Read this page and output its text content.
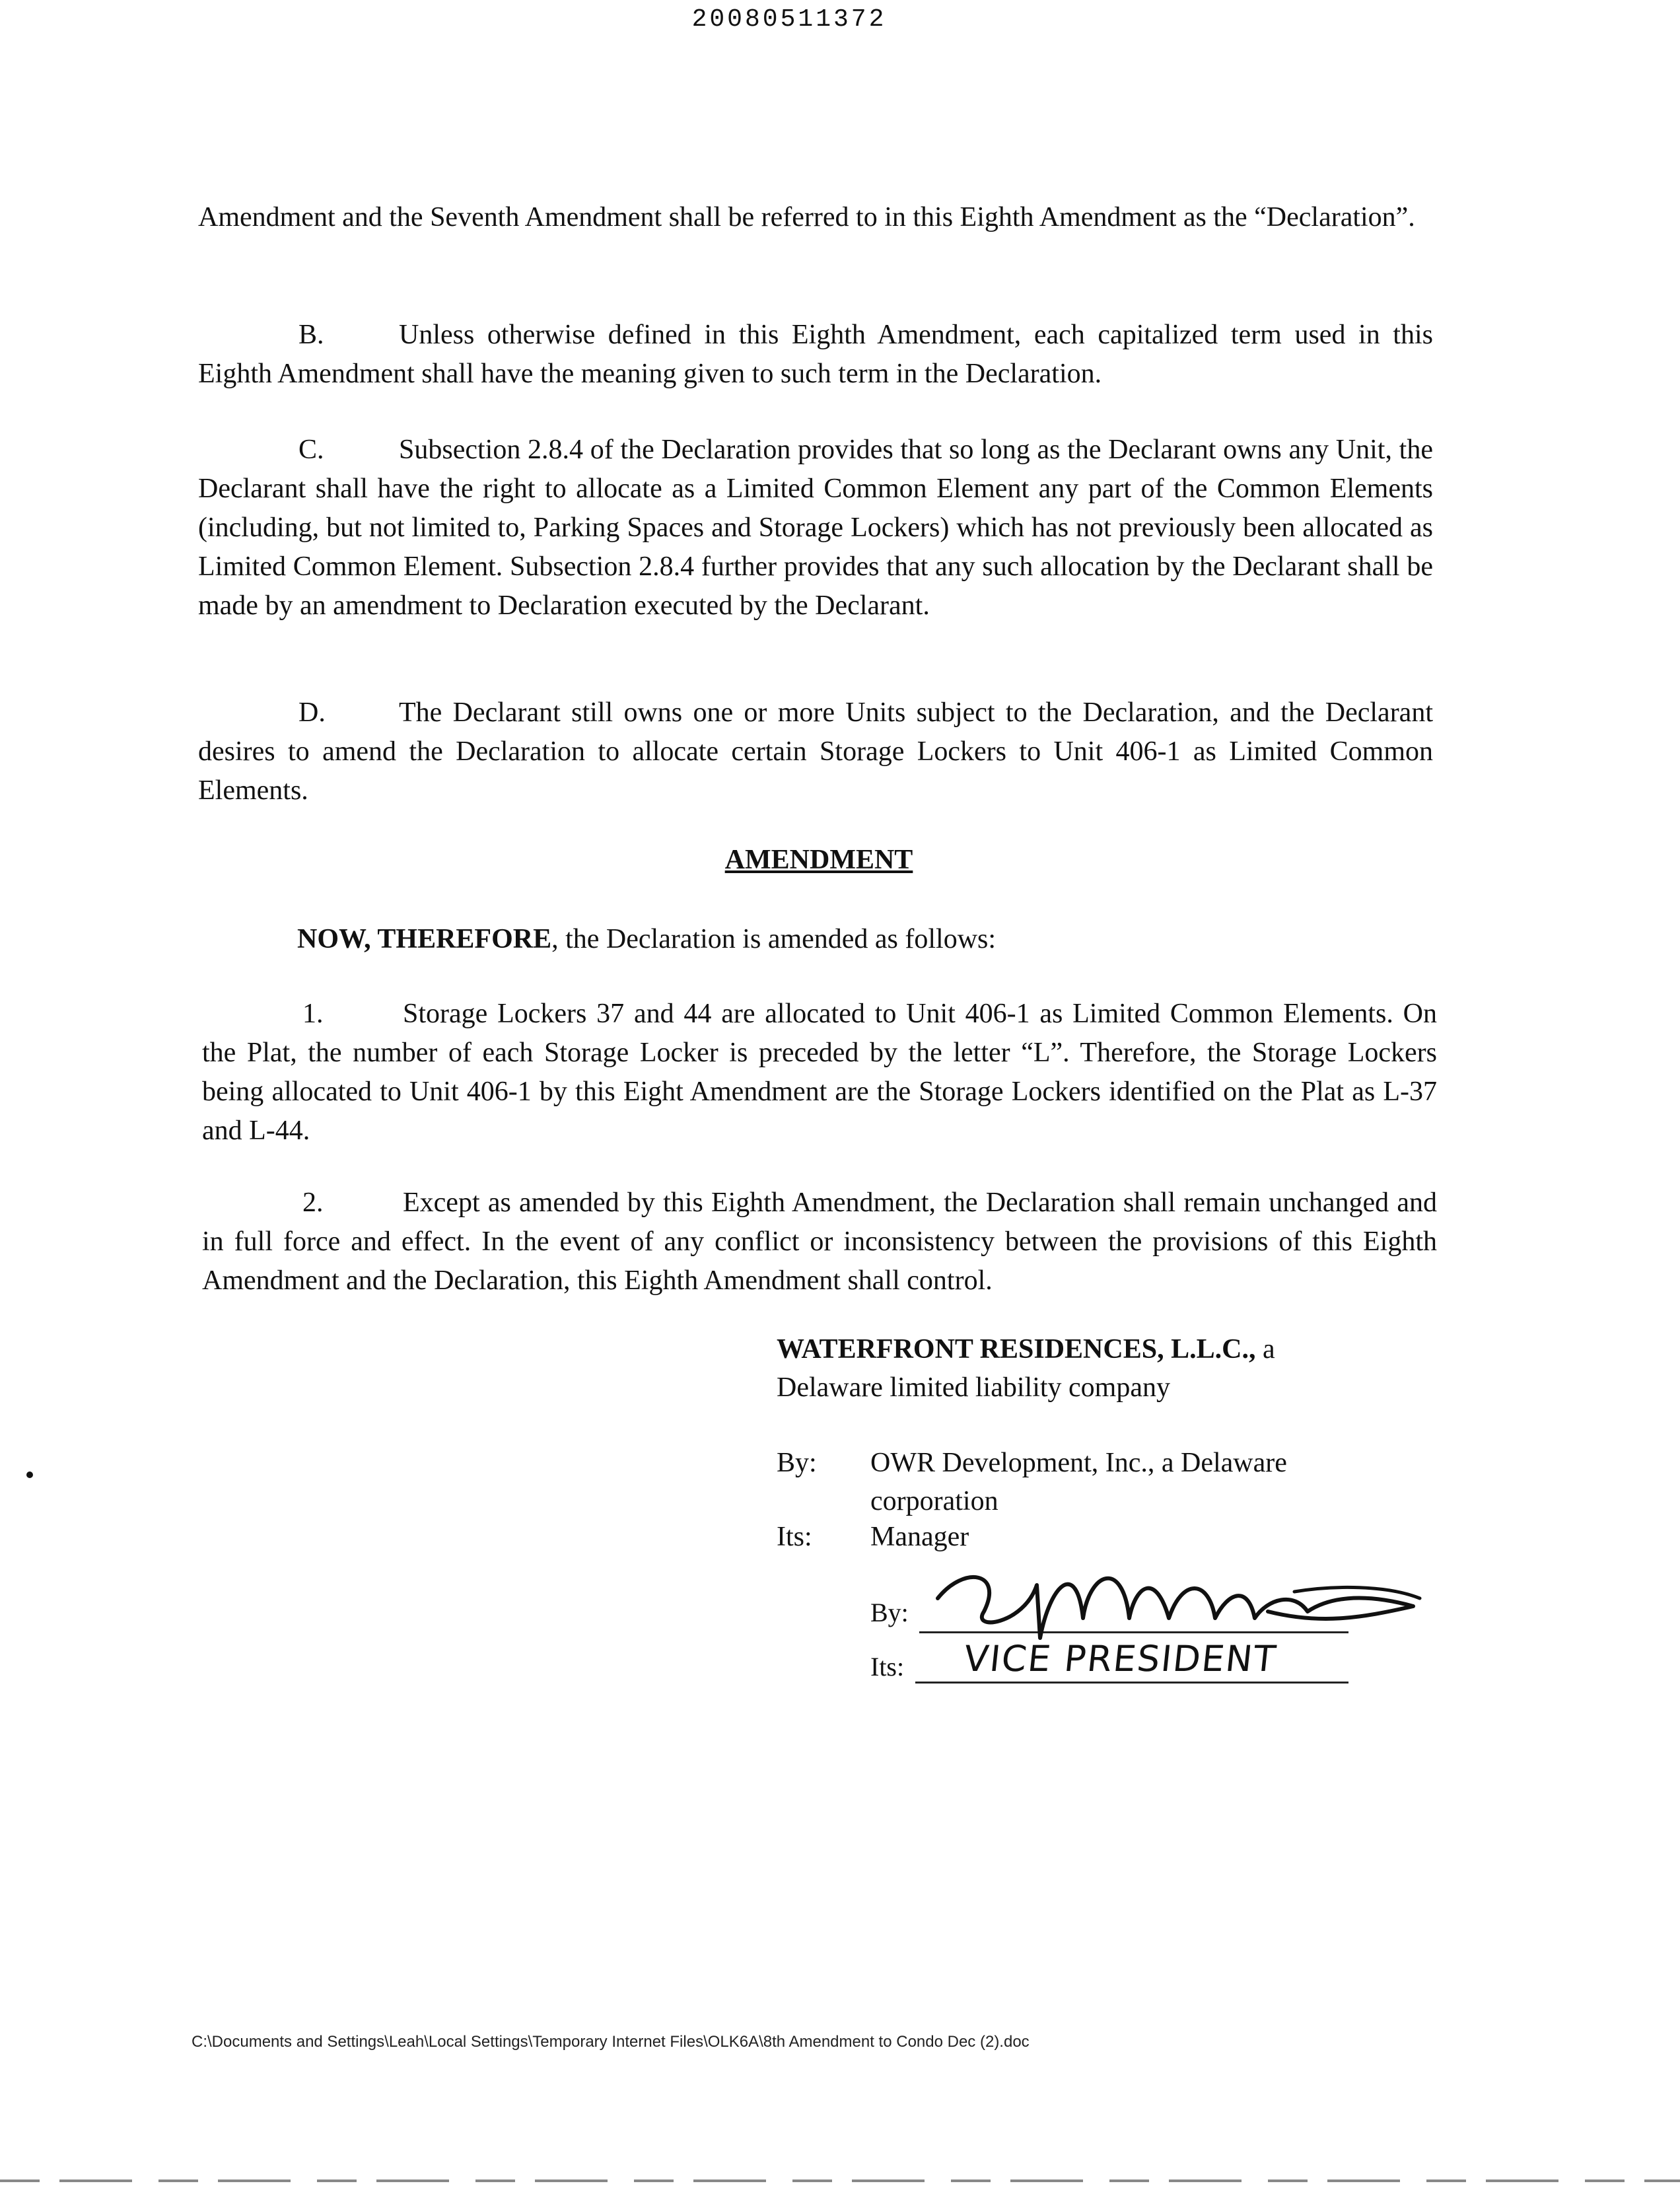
20080511372

Amendment and the Seventh Amendment shall be referred to in this Eighth Amendment as the “Declaration”.

B.	Unless otherwise defined in this Eighth Amendment, each capitalized term used in this Eighth Amendment shall have the meaning given to such term in the Declaration.

C.	Subsection 2.8.4 of the Declaration provides that so long as the Declarant owns any Unit, the Declarant shall have the right to allocate as a Limited Common Element any part of the Common Elements (including, but not limited to, Parking Spaces and Storage Lockers) which has not previously been allocated as Limited Common Element. Subsection 2.8.4 further provides that any such allocation by the Declarant shall be made by an amendment to Declaration executed by the Declarant.

D.	The Declarant still owns one or more Units subject to the Declaration, and the Declarant desires to amend the Declaration to allocate certain Storage Lockers to Unit 406-1 as Limited Common Elements.

AMENDMENT
NOW, THEREFORE, the Declaration is amended as follows:

1.	Storage Lockers 37 and 44 are allocated to Unit 406-1 as Limited Common Elements. On the Plat, the number of each Storage Locker is preceded by the letter “L”. Therefore, the Storage Lockers being allocated to Unit 406-1 by this Eight Amendment are the Storage Lockers identified on the Plat as L-37 and L-44.

2.	Except as amended by this Eighth Amendment, the Declaration shall remain unchanged and in full force and effect. In the event of any conflict or inconsistency between the provisions of this Eighth Amendment and the Declaration, this Eighth Amendment shall control.

WATERFRONT RESIDENCES, L.L.C., a
Delaware limited liability company
By: OWR Development, Inc., a Delaware
corporation
Its: Manager
By:
Its: VICE PRESIDENT
C:\Documents and Settings\Leah\Local Settings\Temporary Internet Files\OLK6A\8th Amendment to Condo Dec (2).doc
